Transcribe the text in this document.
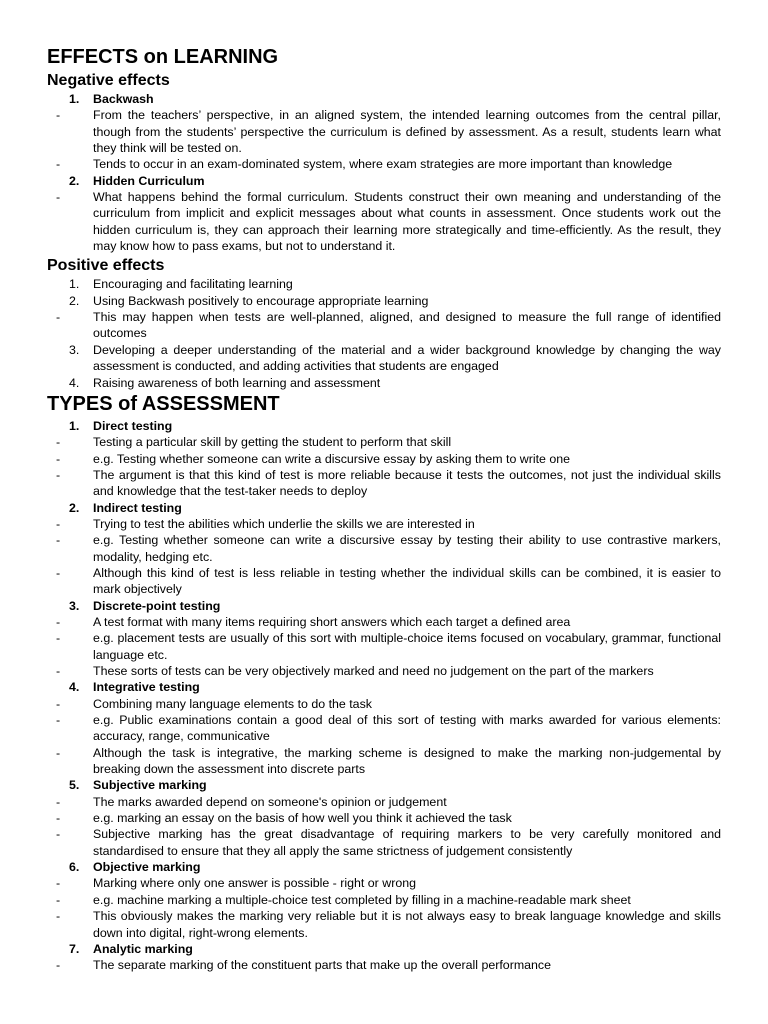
EFFECTS on LEARNING
Negative effects
1.	Backwash
-	From the teachers’ perspective, in an aligned system, the intended learning outcomes from the central pillar, though from the students’ perspective the curriculum is defined by assessment. As a result, students learn what they think will be tested on.
-	Tends to occur in an exam-dominated system, where exam strategies are more important than knowledge
2.	Hidden Curriculum
-	What happens behind the formal curriculum. Students construct their own meaning and understanding of the curriculum from implicit and explicit messages about what counts in assessment. Once students work out the hidden curriculum is, they can approach their learning more strategically and time-efficiently. As the result, they may know how to pass exams, but not to understand it.
Positive effects
1.	Encouraging and facilitating learning
2.	Using Backwash positively to encourage appropriate learning
-	This may happen when tests are well-planned, aligned, and designed to measure the full range of identified outcomes
3.	Developing a deeper understanding of the material and a wider background knowledge by changing the way assessment is conducted, and adding activities that students are engaged
4.	Raising awareness of both learning and assessment
TYPES of ASSESSMENT
1.	Direct testing
-	Testing a particular skill by getting the student to perform that skill
-	e.g. Testing whether someone can write a discursive essay by asking them to write one
-	The argument is that this kind of test is more reliable because it tests the outcomes, not just the individual skills and knowledge that the test-taker needs to deploy
2.	Indirect testing
-	Trying to test the abilities which underlie the skills we are interested in
-	e.g. Testing whether someone can write a discursive essay by testing their ability to use contrastive markers, modality, hedging etc.
-	Although this kind of test is less reliable in testing whether the individual skills can be combined, it is easier to mark objectively
3.	Discrete-point testing
-	A test format with many items requiring short answers which each target a defined area
-	e.g. placement tests are usually of this sort with multiple-choice items focused on vocabulary, grammar, functional language etc.
-	These sorts of tests can be very objectively marked and need no judgement on the part of the markers
4.	Integrative testing
-	Combining many language elements to do the task
-	e.g. Public examinations contain a good deal of this sort of testing with marks awarded for various elements: accuracy, range, communicative
-	Although the task is integrative, the marking scheme is designed to make the marking non-judgemental by breaking down the assessment into discrete parts
5.	Subjective marking
-	The marks awarded depend on someone's opinion or judgement
-	e.g. marking an essay on the basis of how well you think it achieved the task
-	Subjective marking has the great disadvantage of requiring markers to be very carefully monitored and standardised to ensure that they all apply the same strictness of judgement consistently
6.	Objective marking
-	Marking where only one answer is possible - right or wrong
-	e.g. machine marking a multiple-choice test completed by filling in a machine-readable mark sheet
-	This obviously makes the marking very reliable but it is not always easy to break language knowledge and skills down into digital, right-wrong elements.
7.	Analytic marking
-	The separate marking of the constituent parts that make up the overall performance
